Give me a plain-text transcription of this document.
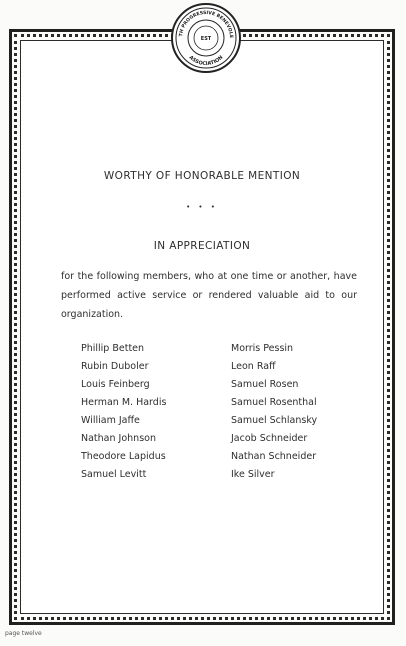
TH PROGRESSIVE BENEVOLE
ASSOCIATION
EST
WORTHY OF HONORABLE MENTION
• • •
IN APPRECIATION
for the following members, who at one time or another, have performed active service or rendered valuable aid to our organization.
Phillip Betten
Rubin Duboler
Louis Feinberg
Herman M. Hardis
William Jaffe
Nathan Johnson
Theodore Lapidus
Samuel Levitt
Morris Pessin
Leon Raff
Samuel Rosen
Samuel Rosenthal
Samuel Schlansky
Jacob Schneider
Nathan Schneider
Ike Silver
page twelve
